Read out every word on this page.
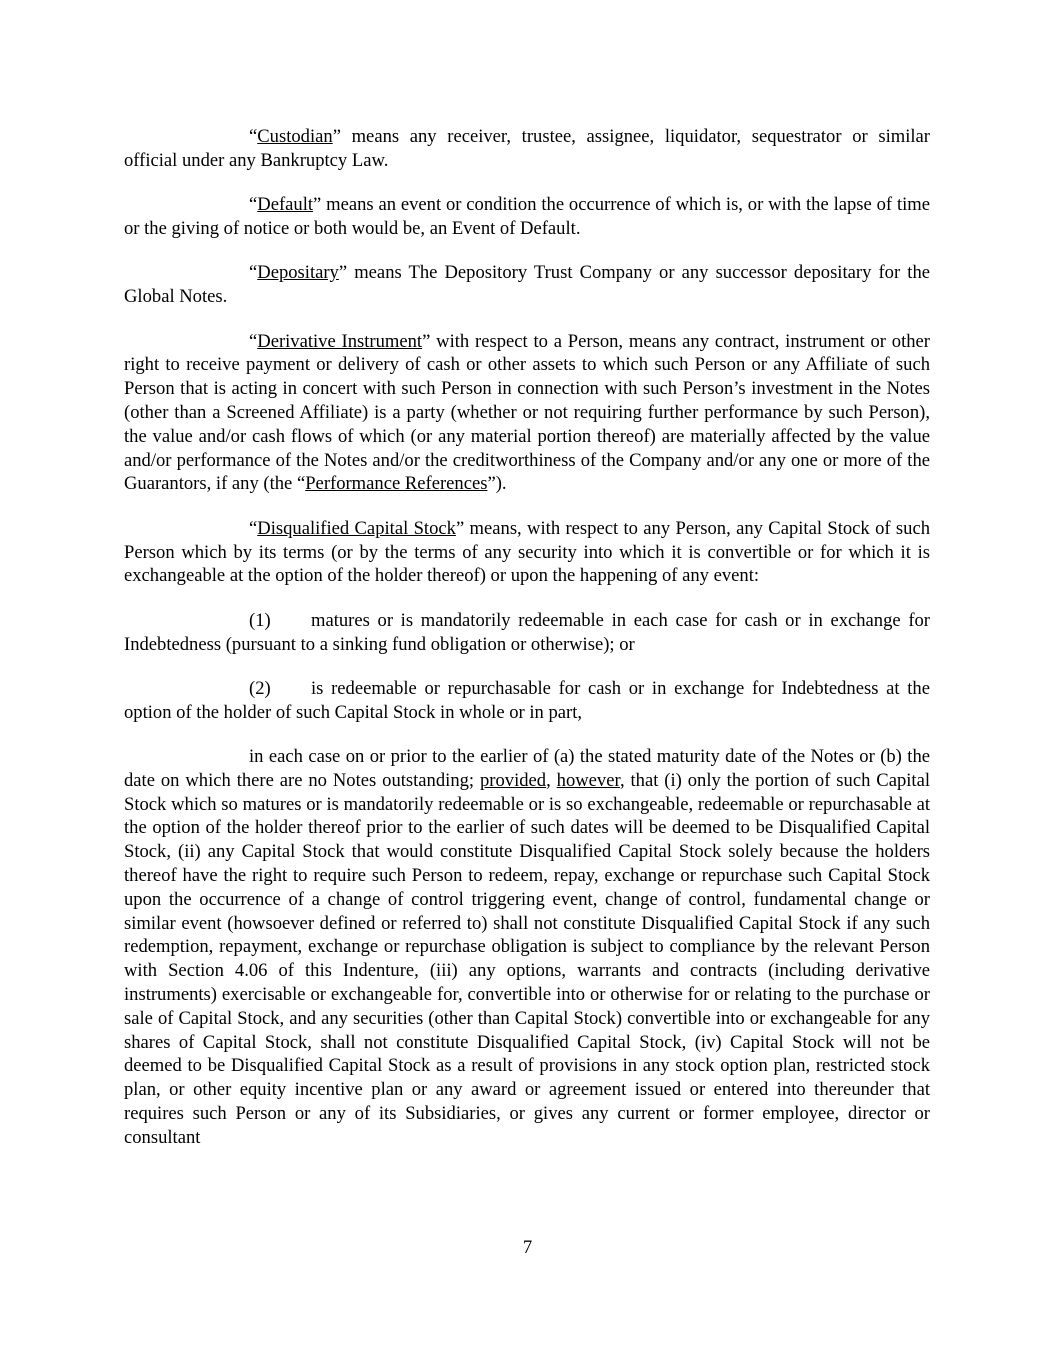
“Custodian” means any receiver, trustee, assignee, liquidator, sequestrator or similar official under any Bankruptcy Law.

“Default” means an event or condition the occurrence of which is, or with the lapse of time or the giving of notice or both would be, an Event of Default.

“Depositary” means The Depository Trust Company or any successor depositary for the Global Notes.

“Derivative Instrument” with respect to a Person, means any contract, instrument or other right to receive payment or delivery of cash or other assets to which such Person or any Affiliate of such Person that is acting in concert with such Person in connection with such Person’s investment in the Notes (other than a Screened Affiliate) is a party (whether or not requiring further performance by such Person), the value and/or cash flows of which (or any material portion thereof) are materially affected by the value and/or performance of the Notes and/or the creditworthiness of the Company and/or any one or more of the Guarantors, if any (the “Performance References”).

“Disqualified Capital Stock” means, with respect to any Person, any Capital Stock of such Person which by its terms (or by the terms of any security into which it is convertible or for which it is exchangeable at the option of the holder thereof) or upon the happening of any event:

(1) matures or is mandatorily redeemable in each case for cash or in exchange for Indebtedness (pursuant to a sinking fund obligation or otherwise); or

(2) is redeemable or repurchasable for cash or in exchange for Indebtedness at the option of the holder of such Capital Stock in whole or in part,

in each case on or prior to the earlier of (a) the stated maturity date of the Notes or (b) the date on which there are no Notes outstanding; provided, however, that (i) only the portion of such Capital Stock which so matures or is mandatorily redeemable or is so exchangeable, redeemable or repurchasable at the option of the holder thereof prior to the earlier of such dates will be deemed to be Disqualified Capital Stock, (ii) any Capital Stock that would constitute Disqualified Capital Stock solely because the holders thereof have the right to require such Person to redeem, repay, exchange or repurchase such Capital Stock upon the occurrence of a change of control triggering event, change of control, fundamental change or similar event (howsoever defined or referred to) shall not constitute Disqualified Capital Stock if any such redemption, repayment, exchange or repurchase obligation is subject to compliance by the relevant Person with Section 4.06 of this Indenture, (iii) any options, warrants and contracts (including derivative instruments) exercisable or exchangeable for, convertible into or otherwise for or relating to the purchase or sale of Capital Stock, and any securities (other than Capital Stock) convertible into or exchangeable for any shares of Capital Stock, shall not constitute Disqualified Capital Stock, (iv) Capital Stock will not be deemed to be Disqualified Capital Stock as a result of provisions in any stock option plan, restricted stock plan, or other equity incentive plan or any award or agreement issued or entered into thereunder that requires such Person or any of its Subsidiaries, or gives any current or former employee, director or consultant

7
